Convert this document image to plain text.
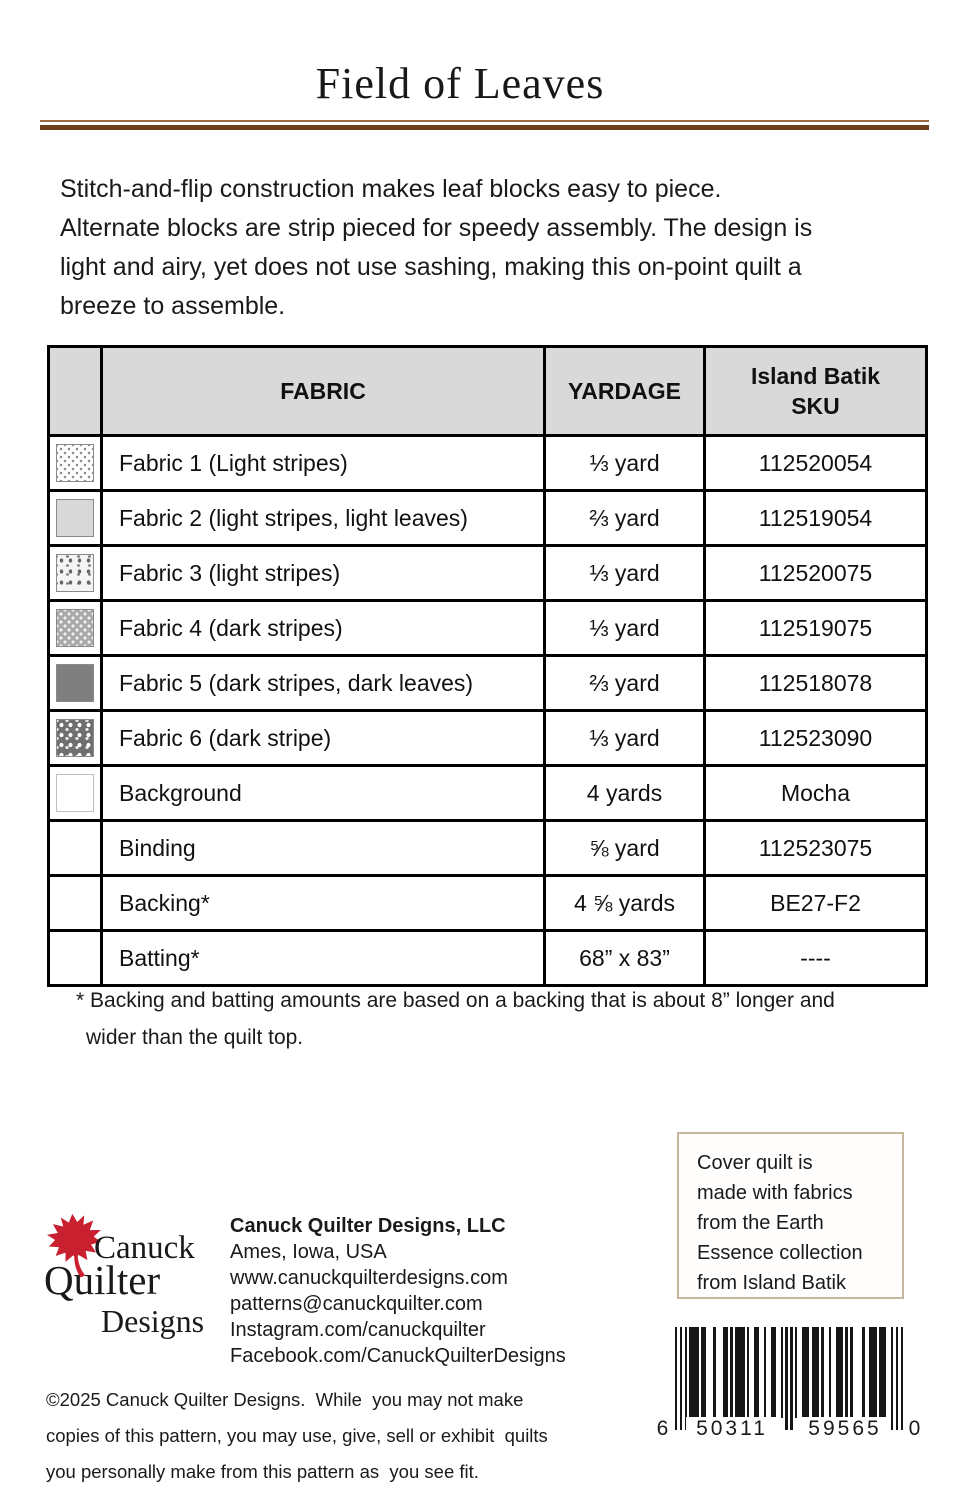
Field of Leaves
Stitch-and-flip construction makes leaf blocks easy to piece.
Alternate blocks are strip pieced for speedy assembly. The design is
light and airy, yet does not use sashing, making this on-point quilt a
breeze to assemble.
	FABRIC	YARDAGE	Island Batik SKU

	Fabric 1 (Light stripes)	⅓ yard	112520054

	Fabric 2 (light stripes, light leaves)	⅔ yard	112519054

	Fabric 3 (light stripes)	⅓ yard	112520075

	Fabric 4 (dark stripes)	⅓ yard	112519075

	Fabric 5 (dark stripes, dark leaves)	⅔ yard	112518078

	Fabric 6 (dark stripe)	⅓ yard	112523090

	Background	4 yards	Mocha

	Binding	⅝ yard	112523075

	Backing*	4 ⅝ yards	BE27-F2

	Batting*	68” x 83”	----
* Backing and batting amounts are based on a backing that is about 8” longer and
wider than the quilt top.
Canuck
Quilter
Designs
Canuck Quilter Designs, LLC
Ames, Iowa, USA
www.canuckquilterdesigns.com
patterns@canuckquilter.com
Instagram.com/canuckquilter
Facebook.com/CanuckQuilterDesigns
©2025 Canuck Quilter Designs.  While  you may not make
copies of this pattern, you may use, give, sell or exhibit  quilts
you personally make from this pattern as  you see fit.
Cover quilt is
made with fabrics
from the Earth
Essence collection
from Island Batik
6	50311	59565	0
